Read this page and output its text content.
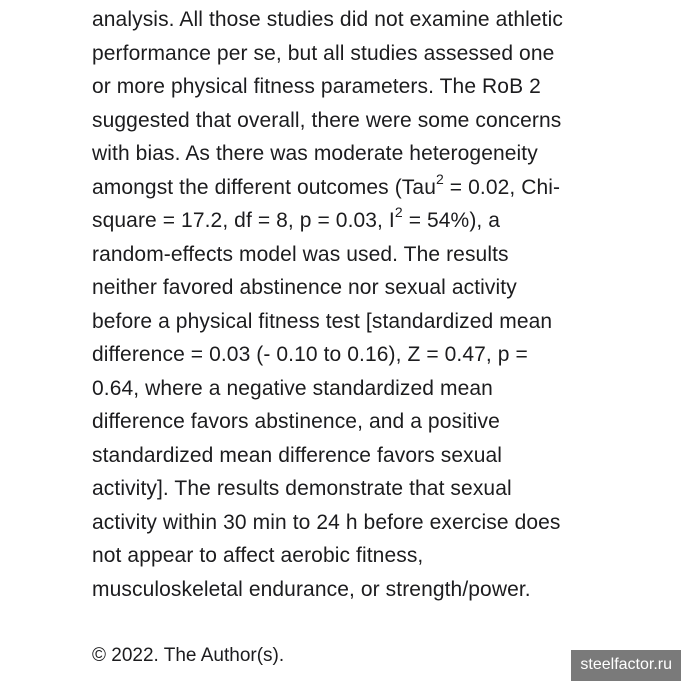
analysis. All those studies did not examine athletic
performance per se, but all studies assessed one
or more physical fitness parameters. The RoB 2
suggested that overall, there were some concerns
with bias. As there was moderate heterogeneity
amongst the different outcomes (Tau$^2$ = 0.02, Chi-
square = 17.2, df = 8, p = 0.03, $I^2 = 54\%$), a
random-effects model was used. The results
neither favored abstinence nor sexual activity
before a physical fitness test [standardized mean
difference = 0.03 (- 0.10 to 0.16), Z = 0.47, p =
0.64, where a negative standardized mean
difference favors abstinence, and a positive
standardized mean difference favors sexual
activity]. The results demonstrate that sexual
activity within 30 min to 24 h before exercise does
not appear to affect aerobic fitness,
musculoskeletal endurance, or strength/power.

© 2022. The Author(s).	steelfactor.ru
